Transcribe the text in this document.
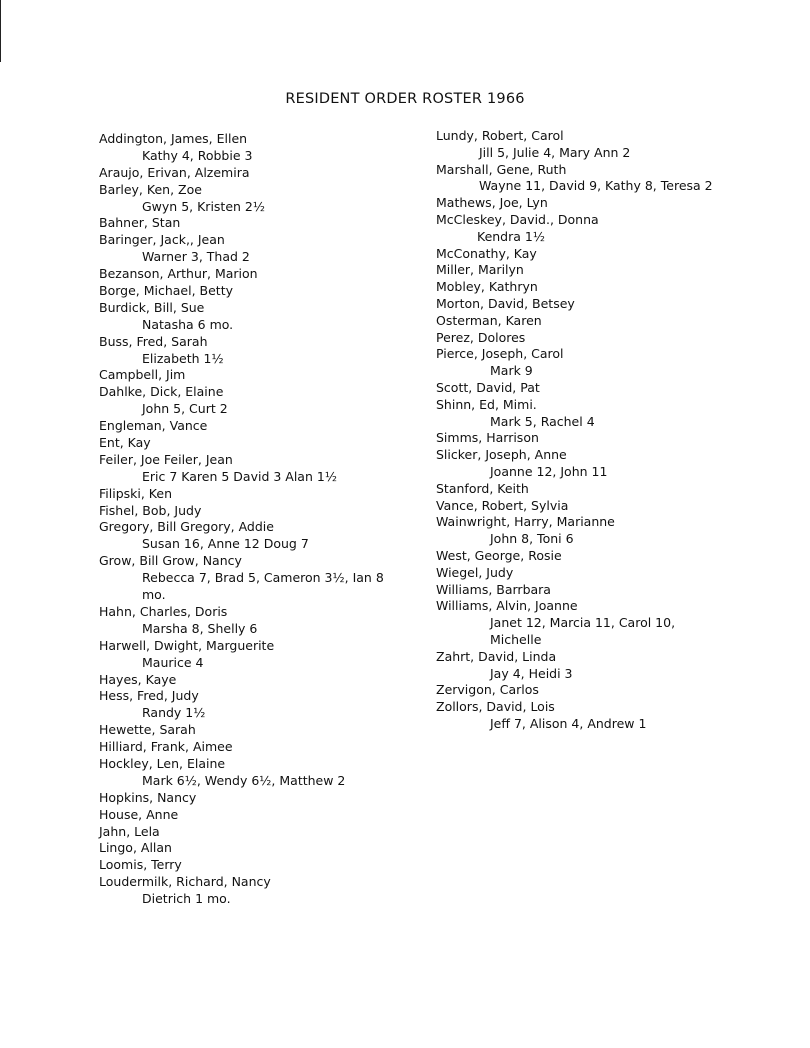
RESIDENT ORDER ROSTER 1966
Addington, James, Ellen
Kathy 4, Robbie 3
Araujo, Erivan, Alzemira
Barley, Ken, Zoe
Gwyn 5, Kristen 2½
Bahner, Stan
Baringer, Jack,, Jean
Warner 3, Thad 2
Bezanson, Arthur, Marion
Borge, Michael, Betty
Burdick, Bill, Sue
Natasha 6 mo.
Buss, Fred, Sarah
Elizabeth 1½
Campbell, Jim
Dahlke, Dick, Elaine
John 5, Curt 2
Engleman, Vance
Ent, Kay
Feiler, Joe Feiler, Jean
Eric 7 Karen 5 David 3 Alan 1½
Filipski, Ken
Fishel, Bob, Judy
Gregory, Bill Gregory, Addie
Susan 16, Anne 12 Doug 7
Grow, Bill Grow, Nancy
Rebecca 7, Brad 5, Cameron 3½, Ian 8
mo.
Hahn, Charles, Doris
Marsha 8, Shelly 6
Harwell, Dwight, Marguerite
Maurice 4
Hayes, Kaye
Hess, Fred, Judy
Randy 1½
Hewette, Sarah
Hilliard, Frank, Aimee
Hockley, Len, Elaine
Mark 6½, Wendy 6½, Matthew 2
Hopkins, Nancy
House, Anne
Jahn, Lela
Lingo, Allan
Loomis, Terry
Loudermilk, Richard, Nancy
Dietrich 1 mo.
Lundy, Robert, Carol
Jill 5, Julie 4, Mary Ann 2
Marshall, Gene, Ruth
Wayne 11, David 9, Kathy 8, Teresa 2
Mathews, Joe, Lyn
McCleskey, David., Donna
Kendra 1½
McConathy, Kay
Miller, Marilyn
Mobley, Kathryn
Morton, David, Betsey
Osterman, Karen
Perez, Dolores
Pierce, Joseph, Carol
Mark 9
Scott, David, Pat
Shinn, Ed, Mimi.
Mark 5, Rachel 4
Simms, Harrison
Slicker, Joseph, Anne
Joanne 12, John 11
Stanford, Keith
Vance, Robert, Sylvia
Wainwright, Harry, Marianne
John 8, Toni 6
West, George, Rosie
Wiegel, Judy
Williams, Barrbara
Williams, Alvin, Joanne
Janet 12, Marcia 11, Carol 10,
Michelle
Zahrt, David, Linda
Jay 4, Heidi 3
Zervigon, Carlos
Zollors, David, Lois
Jeff 7, Alison 4, Andrew 1
